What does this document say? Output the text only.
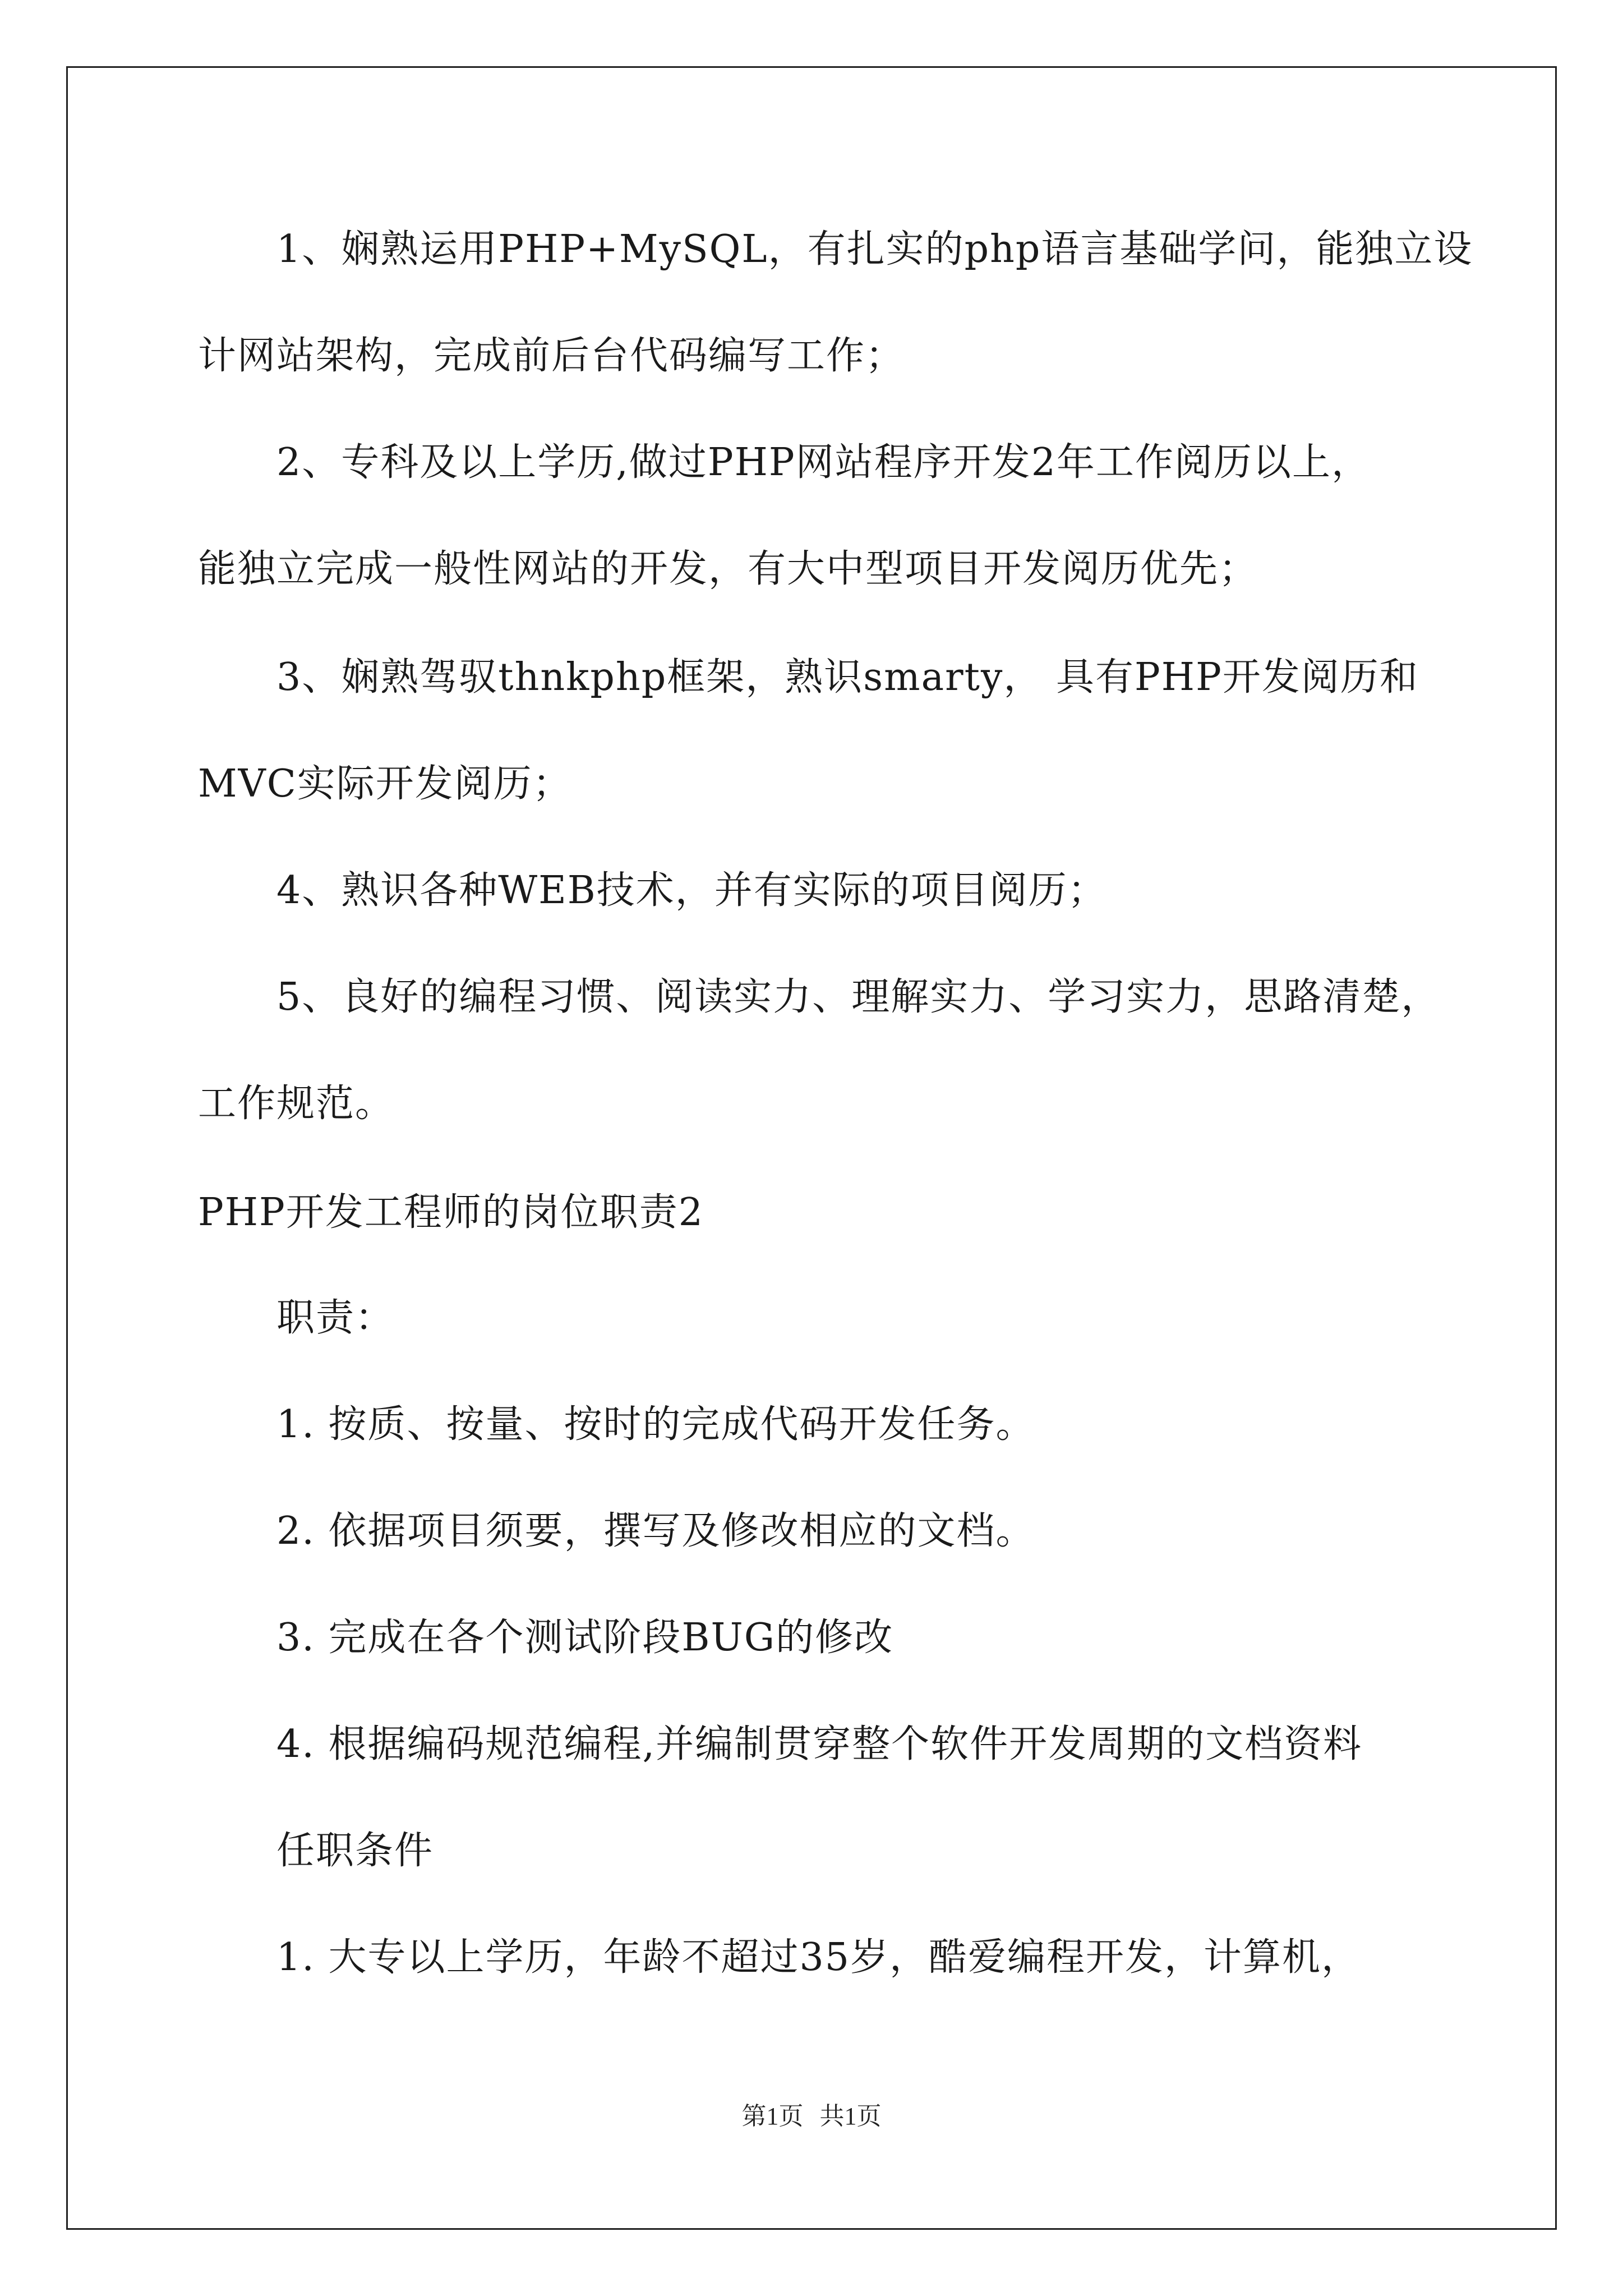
1、娴熟运用PHP+MySQL，有扎实的php语言基础学问，能独立设
计网站架构，完成前后台代码编写工作；
2、专科及以上学历,做过PHP网站程序开发2年工作阅历以上，
能独立完成一般性网站的开发，有大中型项目开发阅历优先；
3、娴熟驾驭thnkphp框架，熟识smarty， 具有PHP开发阅历和
MVC实际开发阅历；
4、熟识各种WEB技术，并有实际的项目阅历；
5、良好的编程习惯、阅读实力、理解实力、学习实力，思路清楚，
工作规范。
PHP开发工程师的岗位职责2
职责：
1. 按质、按量、按时的完成代码开发任务。
2. 依据项目须要，撰写及修改相应的文档。
3. 完成在各个测试阶段BUG的修改
4. 根据编码规范编程,并编制贯穿整个软件开发周期的文档资料
任职条件
1. 大专以上学历，年龄不超过35岁，酷爱编程开发，计算机，
第1页 共1页
